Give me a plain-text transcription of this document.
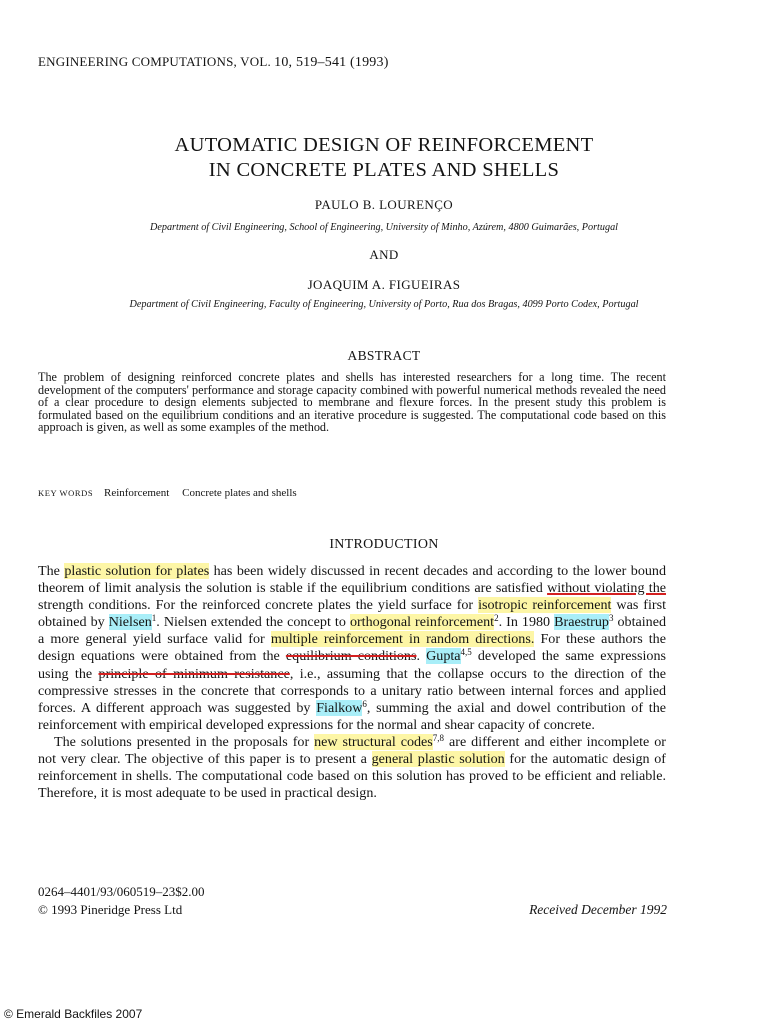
ENGINEERING COMPUTATIONS, VOL. 10, 519–541 (1993)
AUTOMATIC DESIGN OF REINFORCEMENT
IN CONCRETE PLATES AND SHELLS
PAULO B. LOURENÇO
Department of Civil Engineering, School of Engineering, University of Minho, Azúrem, 4800 Guimarães, Portugal
AND
JOAQUIM A. FIGUEIRAS
Department of Civil Engineering, Faculty of Engineering, University of Porto, Rua dos Bragas, 4099 Porto Codex, Portugal
ABSTRACT
The problem of designing reinforced concrete plates and shells has interested researchers for a long time. The recent development of the computers' performance and storage capacity combined with powerful numerical methods revealed the need of a clear procedure to design elements subjected to membrane and flexure forces. In the present study this problem is formulated based on the equilibrium conditions and an iterative procedure is suggested. The computational code based on this approach is given, as well as some examples of the method.
KEY WORDS Reinforcement Concrete plates and shells
INTRODUCTION

The plastic solution for plates has been widely discussed in recent decades and according to the lower bound theorem of limit analysis the solution is stable if the equilibrium conditions are satisfied without violating the strength conditions. For the reinforced concrete plates the yield surface for isotropic reinforcement was first obtained by Nielsen$^1$. Nielsen extended the concept to orthogonal reinforcement$^2$. In 1980 Braestrup$^3$ obtained a more general yield surface valid for multiple reinforcement in random directions. For these authors the design equations were obtained from the equilibrium conditions. Gupta$^{4,5}$ developed the same expressions using the principle of minimum resistance, i.e., assuming that the collapse occurs to the direction of the compressive stresses in the concrete that corresponds to a unitary ratio between internal forces and applied forces. A different approach was suggested by Fialkow$^6$, summing the axial and dowel contribution of the reinforcement with empirical developed expressions for the normal and shear capacity of concrete.

The solutions presented in the proposals for new structural codes$^{7,8}$ are different and either incomplete or not very clear. The objective of this paper is to present a general plastic solution for the automatic design of reinforcement in shells. The computational code based on this solution has proved to be efficient and reliable. Therefore, it is most adequate to be used in practical design.

0264–4401/93/060519–23$2.00
© 1993 Pineridge Press Ltd	Received December 1992
© Emerald Backfiles 2007
